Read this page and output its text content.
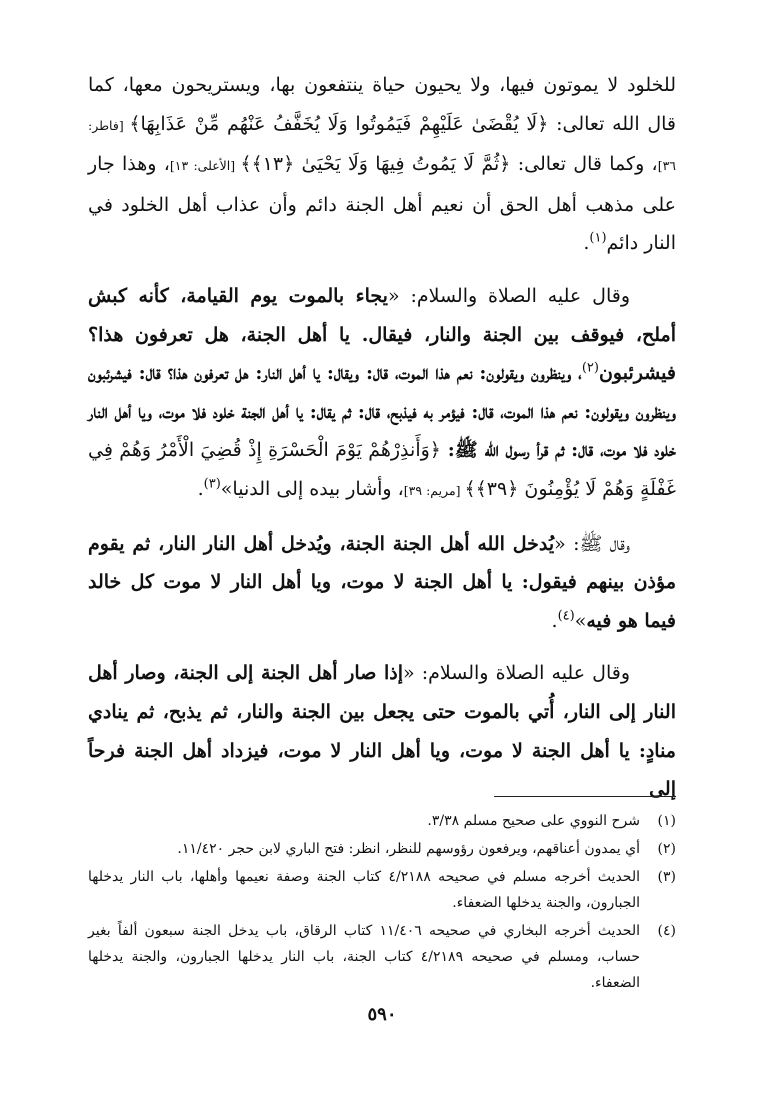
للخلود لا يموتون فيها، ولا يحيون حياة ينتفعون بها، ويستريحون معها، كما قال الله تعالى: ﴿لَا يُقْضَىٰ عَلَيْهِمْ فَيَمُوتُوا وَلَا يُخَفَّفُ عَنْهُم مِّنْ عَذَابِهَا﴾ [فاطر: ٣٦]، وكما قال تعالى: ﴿ثُمَّ لَا يَمُوتُ فِيهَا وَلَا يَحْيَىٰ ﴿١٣﴾﴾ [الأعلى: ١٣]، وهذا جار على مذهب أهل الحق أن نعيم أهل الجنة دائم وأن عذاب أهل الخلود في النار دائم$^{(١)}$.

وقال عليه الصلاة والسلام: «يجاء بالموت يوم القيامة، كأنه كبش أملح، فيوقف بين الجنة والنار، فيقال. يا أهل الجنة، هل تعرفون هذا؟ فيشرئبون$^{(٢)}$، وينظرون ويقولون: نعم هذا الموت، قال: ويقال: يا أهل النار: هل تعرفون هذا؟ قال: فيشرئبون وينظرون ويقولون: نعم هذا الموت، قال: فيؤمر به فيذبح، قال: ثم يقال: يا أهل الجنة خلود فلا موت، ويا أهل النار خلود فلا موت، قال: ثم قرأ رسول الله ﷺ: ﴿وَأَنذِرْهُمْ يَوْمَ الْحَسْرَةِ إِذْ قُضِيَ الْأَمْرُ وَهُمْ فِي غَفْلَةٍ وَهُمْ لَا يُؤْمِنُونَ ﴿٣٩﴾﴾ [مريم: ٣٩]، وأشار بيده إلى الدنيا»$^{(٣)}$.

وقال ﷺ: «يُدخل الله أهل الجنة الجنة، ويُدخل أهل النار النار، ثم يقوم مؤذن بينهم فيقول: يا أهل الجنة لا موت، ويا أهل النار لا موت كل خالد فيما هو فيه»$^{(٤)}$.

وقال عليه الصلاة والسلام: «إذا صار أهل الجنة إلى الجنة، وصار أهل النار إلى النار، أُتي بالموت حتى يجعل بين الجنة والنار، ثم يذبح، ثم ينادي منادٍ: يا أهل الجنة لا موت، ويا أهل النار لا موت، فيزداد أهل الجنة فرحاً إلى

(١)
شرح النووي على صحيح مسلم ٣/٣٨.
(٢)
أي يمدون أعناقهم، ويرفعون رؤوسهم للنظر، انظر: فتح الباري لابن حجر ١١/٤٢٠.
(٣)
الحديث أخرجه مسلم في صحيحه ٤/٢١٨٨ كتاب الجنة وصفة نعيمها وأهلها، باب النار يدخلها الجبارون، والجنة يدخلها الضعفاء.
(٤)
الحديث أخرجه البخاري في صحيحه ١١/٤٠٦ كتاب الرقاق، باب يدخل الجنة سبعون ألفاً بغير حساب، ومسلم في صحيحه ٤/٢١٨٩ كتاب الجنة، باب النار يدخلها الجبارون، والجنة يدخلها الضعفاء.
٥٩٠
